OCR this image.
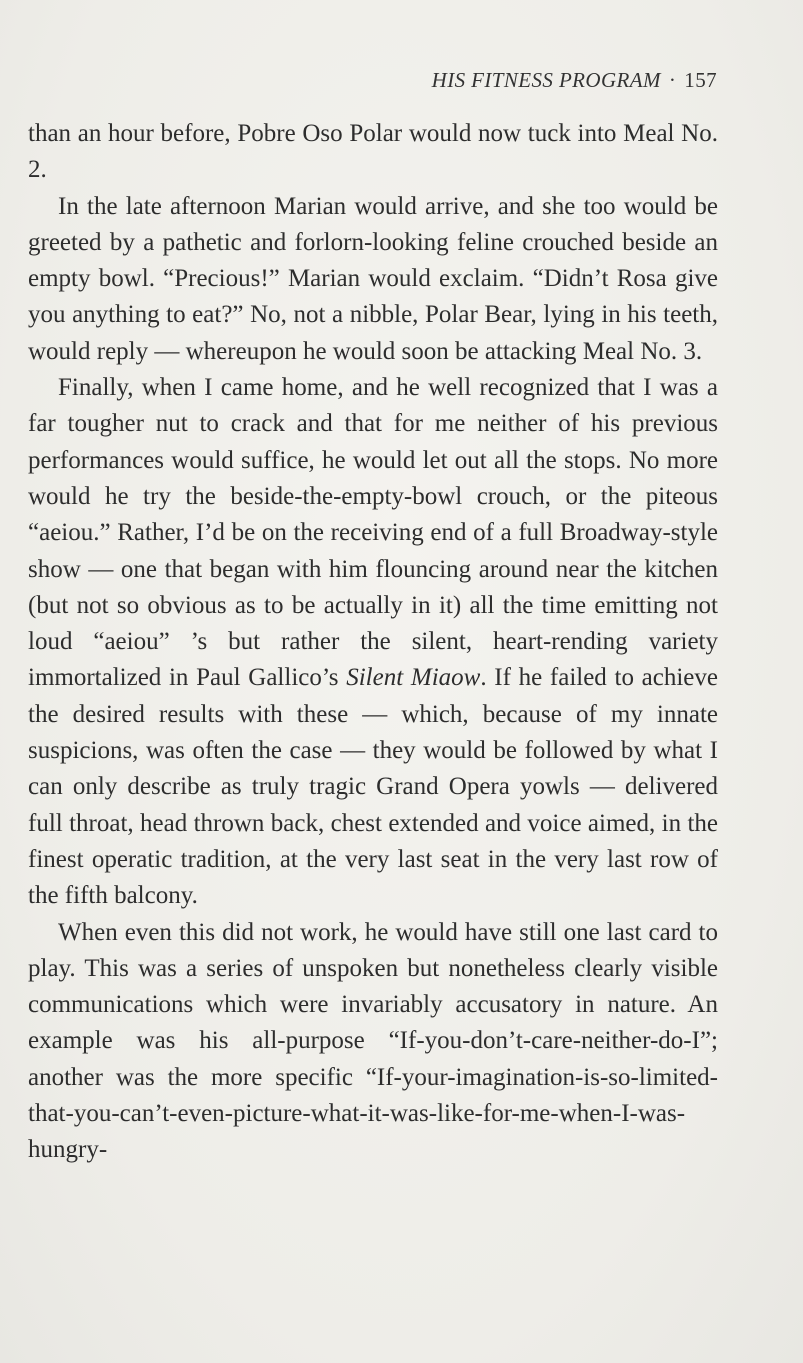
HIS FITNESS PROGRAM · 157

than an hour before, Pobre Oso Polar would now tuck into Meal No. 2.

In the late afternoon Marian would arrive, and she too would be greeted by a pathetic and forlorn-looking feline crouched beside an empty bowl. “Precious!” Marian would exclaim. “Didn’t Rosa give you anything to eat?” No, not a nibble, Polar Bear, lying in his teeth, would reply — whereupon he would soon be attacking Meal No. 3.

Finally, when I came home, and he well recognized that I was a far tougher nut to crack and that for me neither of his previous performances would suffice, he would let out all the stops. No more would he try the beside-the-empty-bowl crouch, or the piteous “aeiou.” Rather, I’d be on the receiving end of a full Broadway-style show — one that began with him flouncing around near the kitchen (but not so obvious as to be actually in it) all the time emitting not loud “aeiou” ’s but rather the silent, heart-rending variety immortalized in Paul Gallico’s Silent Miaow. If he failed to achieve the desired results with these — which, because of my innate suspicions, was often the case — they would be followed by what I can only describe as truly tragic Grand Opera yowls — delivered full throat, head thrown back, chest extended and voice aimed, in the finest operatic tradition, at the very last seat in the very last row of the fifth balcony.

When even this did not work, he would have still one last card to play. This was a series of unspoken but nonetheless clearly visible communications which were invariably accusatory in nature. An example was his all-purpose “If-you-don’t-care-neither-do-I”; another was the more specific “If-your-imagination-is-so-limited-that-you-can’t-even-picture-what-it-was-like-for-me-when-I-was-hungry-
